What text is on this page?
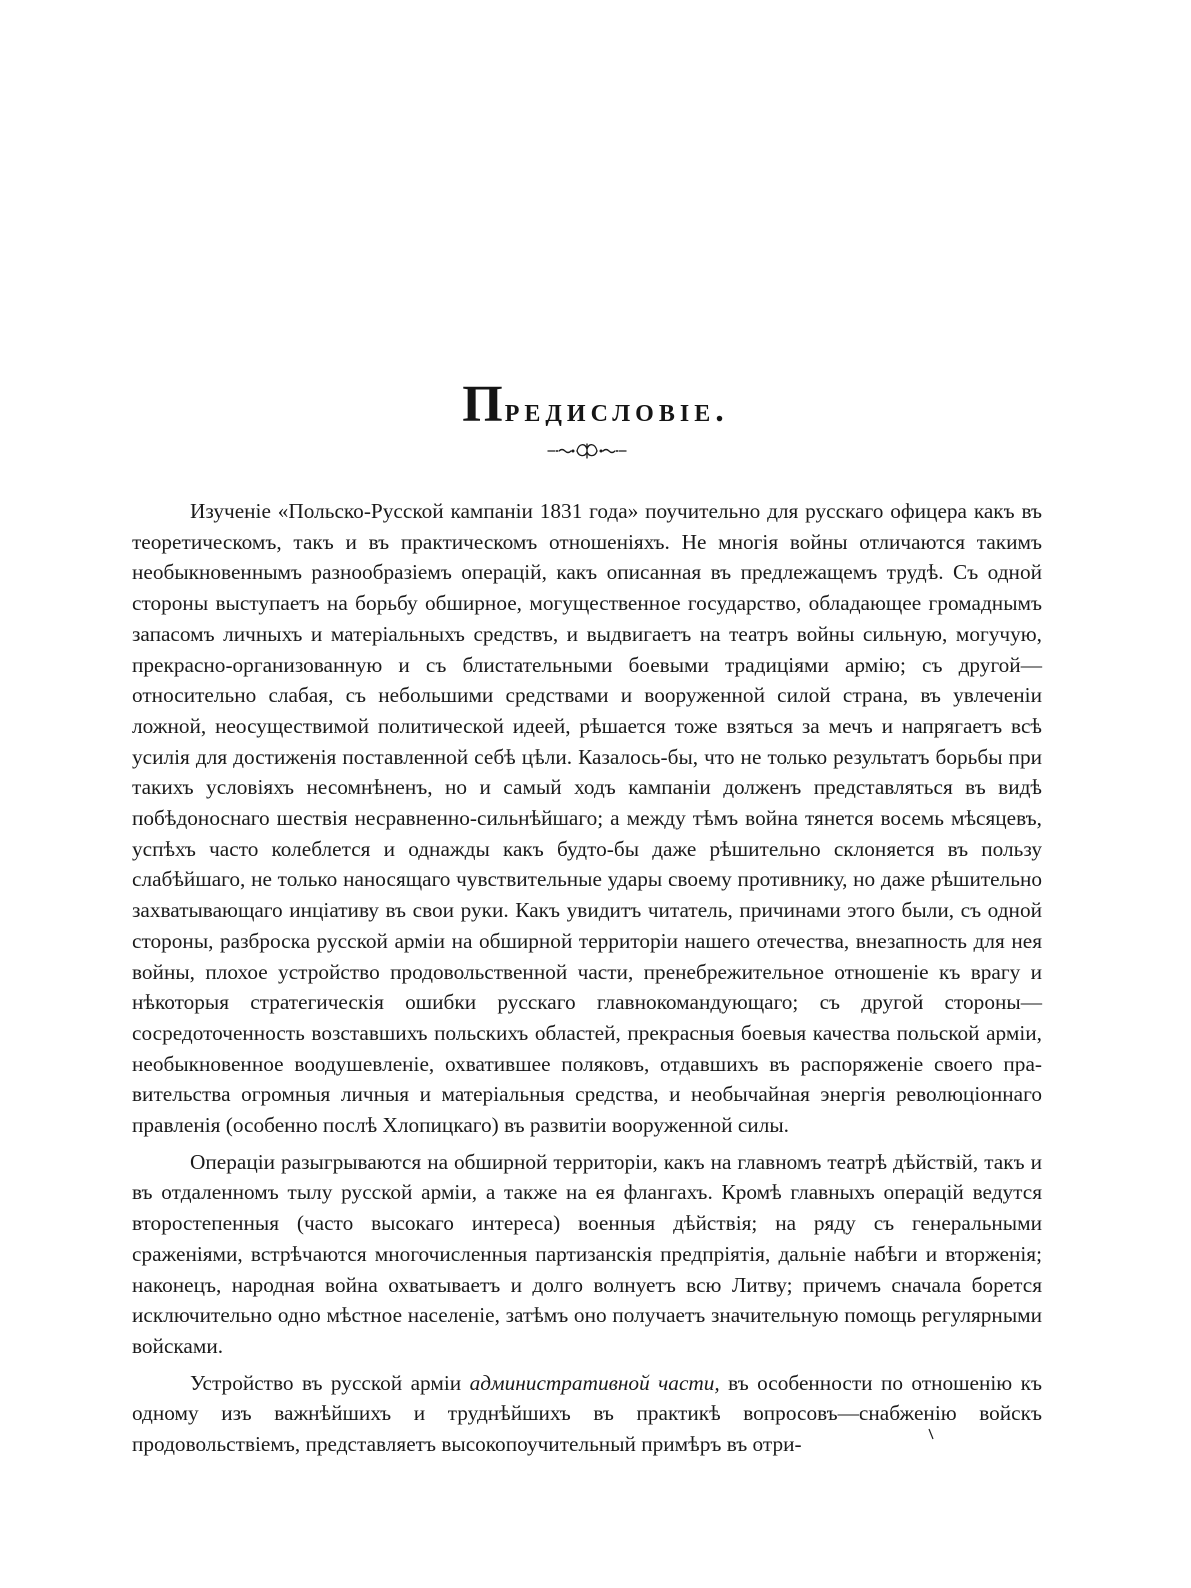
Предисловіе.

Изученіе «Польско-Русской кампаніи 1831 года» поучительно для русскаго офицера какъ въ теоретическомъ, такъ и въ практическомъ отношеніяхъ. Не многія войны отличаются такимъ необыкновеннымъ разнообразіемъ операцій, какъ описанная въ предлежащемъ трудѣ. Съ одной стороны выступаетъ на борьбу обширное, могущественное государство, обладающее громаднымъ запасомъ личныхъ и матеріальныхъ средствъ, и выдвигаетъ на театръ войны сильную, могучую, прекрасно-организованную и съ блистательными боевыми традиціями армію; съ другой—относительно слабая, съ небольшими средствами и вооруженной силой страна, въ увлеченіи ложной, неосуществимой политической идеей, рѣшается тоже взяться за мечъ и напрягаетъ всѣ усилія для достиженія поставленной себѣ цѣли. Казалось-бы, что не только результатъ борьбы при такихъ условіяхъ несомнѣненъ, но и самый ходъ кампаніи долженъ представляться въ видѣ побѣдоноснаго шествія несравненно-сильнѣйшаго; а между тѣмъ война тянется восемь мѣсяцевъ, успѣхъ часто колеблется и однажды какъ будто-бы даже рѣшительно склоняется въ пользу слабѣйшаго, не только наносящаго чувствительные удары своему противнику, но даже рѣшительно захватывающаго инціативу въ свои руки. Какъ увидитъ читатель, причинами этого были, съ одной стороны, разброска русской арміи на обширной территоріи нашего отечества, внезапность для нея войны, плохое устройство продовольственной части, пренебрежительное отношеніе къ врагу и нѣкоторыя стратегическія ошибки русскаго главнокомандующаго; съ другой стороны—сосредоточенность возставшихъ польскихъ областей, прекрасныя боевыя качества польской арміи, необыкновенное воодушевленіе, охватившее поляковъ, отдавшихъ въ распоряженіе своего правительства огромныя личныя и матеріальныя средства, и необычайная энергія революціоннаго правленія (особенно послѣ Хлопицкаго) въ развитіи вооруженной силы.

Операціи разыгрываются на обширной территоріи, какъ на главномъ театрѣ дѣйствій, такъ и въ отдаленномъ тылу русской арміи, а также на ея флангахъ. Кромѣ главныхъ операцій ведутся второстепенныя (часто высокаго интереса) военныя дѣйствія; на ряду съ генеральными сраженіями, встрѣчаются многочисленныя партизанскія предпріятія, дальніе набѣги и вторженія; наконецъ, народная война охватываетъ и долго волнуетъ всю Литву; причемъ сначала борется исключительно одно мѣстное населеніе, затѣмъ оно получаетъ значительную помощь регулярными войсками.

Устройство въ русской арміи административной части, въ особенности по отношенію къ одному изъ важнѣйшихъ и труднѣйшихъ въ практикѣ вопросовъ—снабженію войскъ продовольствіемъ, представляетъ высокопоучительный примѣръ въ отри-
